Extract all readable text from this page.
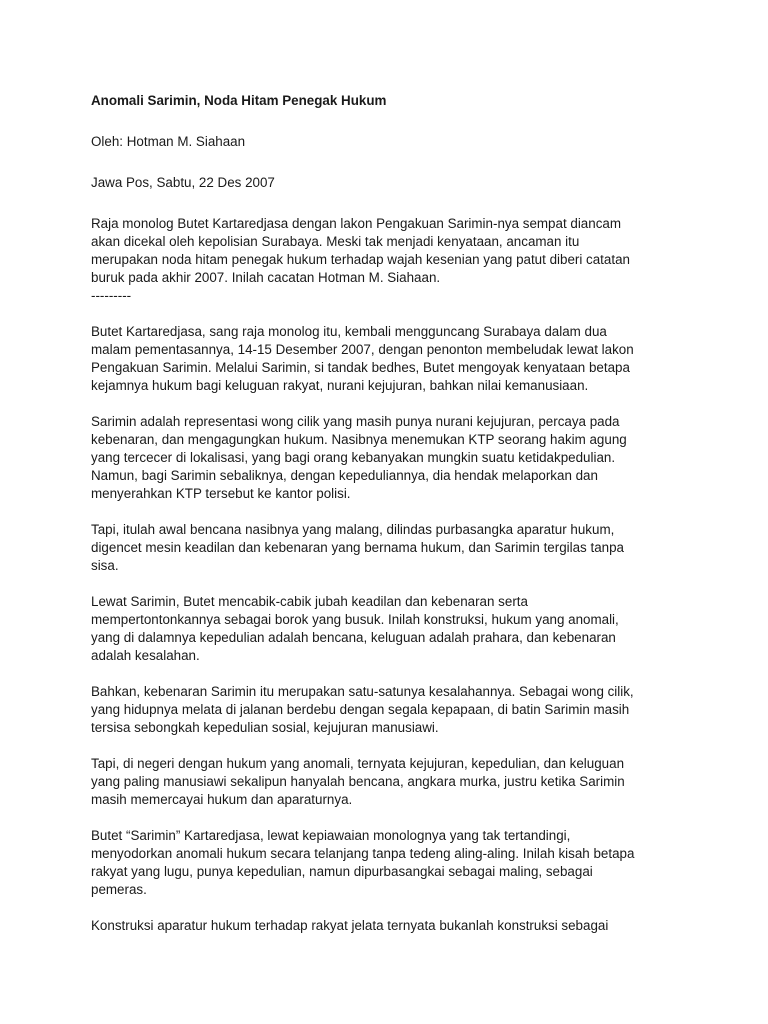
Anomali Sarimin, Noda Hitam Penegak Hukum
Oleh: Hotman M. Siahaan
Jawa Pos, Sabtu, 22 Des 2007
Raja monolog Butet Kartaredjasa dengan lakon Pengakuan Sarimin-nya sempat diancam
akan dicekal oleh kepolisian Surabaya. Meski tak menjadi kenyataan, ancaman itu
merupakan noda hitam penegak hukum terhadap wajah kesenian yang patut diberi catatan
buruk pada akhir 2007. Inilah cacatan Hotman M. Siahaan.
---------
Butet Kartaredjasa, sang raja monolog itu, kembali mengguncang Surabaya dalam dua
malam pementasannya, 14-15 Desember 2007, dengan penonton membeludak lewat lakon
Pengakuan Sarimin. Melalui Sarimin, si tandak bedhes, Butet mengoyak kenyataan betapa
kejamnya hukum bagi keluguan rakyat, nurani kejujuran, bahkan nilai kemanusiaan.
Sarimin adalah representasi wong cilik yang masih punya nurani kejujuran, percaya pada
kebenaran, dan mengagungkan hukum. Nasibnya menemukan KTP seorang hakim agung
yang tercecer di lokalisasi, yang bagi orang kebanyakan mungkin suatu ketidakpedulian.
Namun, bagi Sarimin sebaliknya, dengan kepeduliannya, dia hendak melaporkan dan
menyerahkan KTP tersebut ke kantor polisi.
Tapi, itulah awal bencana nasibnya yang malang, dilindas purbasangka aparatur hukum,
digencet mesin keadilan dan kebenaran yang bernama hukum, dan Sarimin tergilas tanpa
sisa.
Lewat Sarimin, Butet mencabik-cabik jubah keadilan dan kebenaran serta
mempertontonkannya sebagai borok yang busuk. Inilah konstruksi, hukum yang anomali,
yang di dalamnya kepedulian adalah bencana, keluguan adalah prahara, dan kebenaran
adalah kesalahan.
Bahkan, kebenaran Sarimin itu merupakan satu-satunya kesalahannya. Sebagai wong cilik,
yang hidupnya melata di jalanan berdebu dengan segala kepapaan, di batin Sarimin masih
tersisa sebongkah kepedulian sosial, kejujuran manusiawi.
Tapi, di negeri dengan hukum yang anomali, ternyata kejujuran, kepedulian, dan keluguan
yang paling manusiawi sekalipun hanyalah bencana, angkara murka, justru ketika Sarimin
masih memercayai hukum dan aparaturnya.
Butet “Sarimin” Kartaredjasa, lewat kepiawaian monolognya yang tak tertandingi,
menyodorkan anomali hukum secara telanjang tanpa tedeng aling-aling. Inilah kisah betapa
rakyat yang lugu, punya kepedulian, namun dipurbasangkai sebagai maling, sebagai
pemeras.
Konstruksi aparatur hukum terhadap rakyat jelata ternyata bukanlah konstruksi sebagai
